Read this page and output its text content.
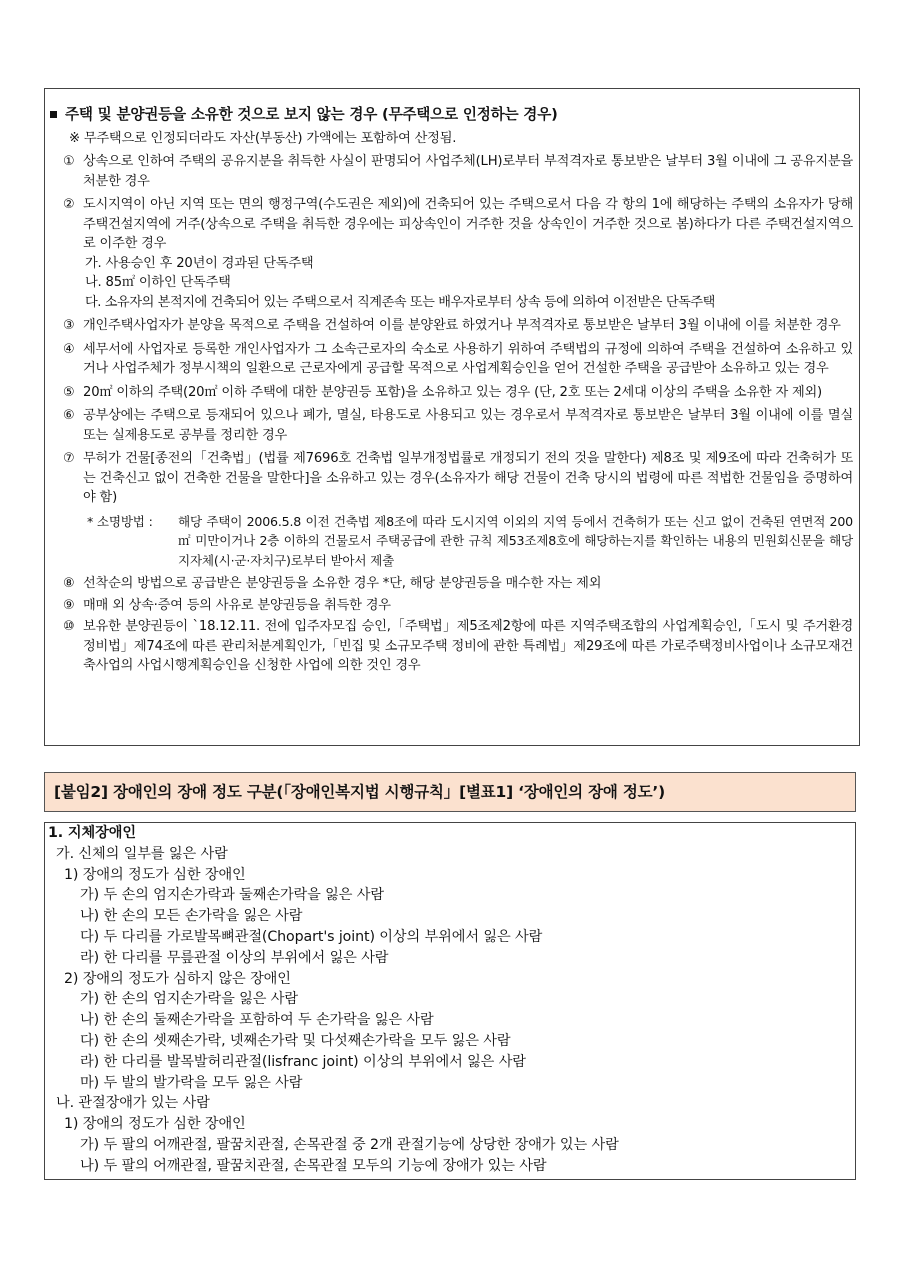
주택 및 분양권등을 소유한 것으로 보지 않는 경우 (무주택으로 인정하는 경우)
※ 무주택으로 인정되더라도 자산(부동산) 가액에는 포함하여 산정됨.
① 상속으로 인하여 주택의 공유지분을 취득한 사실이 판명되어 사업주체(LH)로부터 부적격자로 통보받은 날부터 3월 이내에 그 공유지분을 처분한 경우
② 도시지역이 아닌 지역 또는 면의 행정구역(수도권은 제외)에 건축되어 있는 주택으로서 다음 각 항의 1에 해당하는 주택의 소유자가 당해주택건설지역에 거주(상속으로 주택을 취득한 경우에는 피상속인이 거주한 것을 상속인이 거주한 것으로 봄)하다가 다른 주택건설지역으로 이주한 경우
가. 사용승인 후 20년이 경과된 단독주택
나. 85㎡ 이하인 단독주택
다. 소유자의 본적지에 건축되어 있는 주택으로서 직계존속 또는 배우자로부터 상속 등에 의하여 이전받은 단독주택
③ 개인주택사업자가 분양을 목적으로 주택을 건설하여 이를 분양완료 하였거나 부적격자로 통보받은 날부터 3월 이내에 이를 처분한 경우
④ 세무서에 사업자로 등록한 개인사업자가 그 소속근로자의 숙소로 사용하기 위하여 주택법의 규정에 의하여 주택을 건설하여 소유하고 있거나 사업주체가 정부시책의 일환으로 근로자에게 공급할 목적으로 사업계획승인을 얻어 건설한 주택을 공급받아 소유하고 있는 경우
⑤ 20㎡ 이하의 주택(20㎡ 이하 주택에 대한 분양권등 포함)을 소유하고 있는 경우 (단, 2호 또는 2세대 이상의 주택을 소유한 자 제외)
⑥ 공부상에는 주택으로 등재되어 있으나 폐가, 멸실, 타용도로 사용되고 있는 경우로서 부적격자로 통보받은 날부터 3월 이내에 이를 멸실 또는 실제용도로 공부를 정리한 경우
⑦ 무허가 건물[종전의「건축법」(법률 제7696호 건축법 일부개정법률로 개정되기 전의 것을 말한다) 제8조 및 제9조에 따라 건축허가 또는 건축신고 없이 건축한 건물을 말한다]을 소유하고 있는 경우(소유자가 해당 건물이 건축 당시의 법령에 따른 적법한 건물임을 증명하여야 함)
* 소명방법 :	해당 주택이 2006.5.8 이전 건축법 제8조에 따라 도시지역 이외의 지역 등에서 건축허가 또는 신고 없이 건축된 연면적 200㎡ 미만이거나 2층 이하의 건물로서 주택공급에 관한 규칙 제53조제8호에 해당하는지를 확인하는 내용의 민원회신문을 해당 지자체(시·군·자치구)로부터 받아서 제출
⑧ 선착순의 방법으로 공급받은 분양권등을 소유한 경우 *단, 해당 분양권등을 매수한 자는 제외
⑨ 매매 외 상속·증여 등의 사유로 분양권등을 취득한 경우
⑩ 보유한 분양권등이 `18.12.11. 전에 입주자모집 승인,「주택법」제5조제2항에 따른 지역주택조합의 사업계획승인,「도시 및 주거환경정비법」제74조에 따른 관리처분계획인가,「빈집 및 소규모주택 정비에 관한 특례법」제29조에 따른 가로주택정비사업이나 소규모재건축사업의 사업시행계획승인을 신청한 사업에 의한 것인 경우
[붙임2] 장애인의 장애 정도 구분(「장애인복지법 시행규칙」[별표1] ‘장애인의 장애 정도’)
1. 지체장애인
가. 신체의 일부를 잃은 사람
1) 장애의 정도가 심한 장애인
가) 두 손의 엄지손가락과 둘째손가락을 잃은 사람
나) 한 손의 모든 손가락을 잃은 사람
다) 두 다리를 가로발목뼈관절(Chopart's joint) 이상의 부위에서 잃은 사람
라) 한 다리를 무릎관절 이상의 부위에서 잃은 사람
2) 장애의 정도가 심하지 않은 장애인
가) 한 손의 엄지손가락을 잃은 사람
나) 한 손의 둘째손가락을 포함하여 두 손가락을 잃은 사람
다) 한 손의 셋째손가락, 넷째손가락 및 다섯째손가락을 모두 잃은 사람
라) 한 다리를 발목발허리관절(lisfranc joint) 이상의 부위에서 잃은 사람
마) 두 발의 발가락을 모두 잃은 사람
나. 관절장애가 있는 사람
1) 장애의 정도가 심한 장애인
가) 두 팔의 어깨관절, 팔꿈치관절, 손목관절 중 2개 관절기능에 상당한 장애가 있는 사람
나) 두 팔의 어깨관절, 팔꿈치관절, 손목관절 모두의 기능에 장애가 있는 사람
